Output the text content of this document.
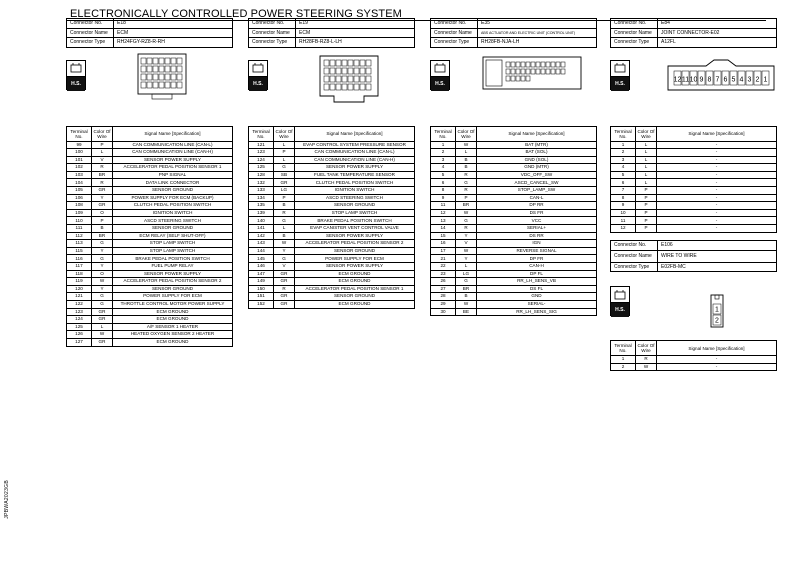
ELECTRONICALLY CONTROLLED POWER STEERING SYSTEM
Connector No.	E18
Connector Name	ECM
Connector Type	RH24FGY-RZ8-R-RH
H.S.
Terminal No.	Color Of Wire	Signal Name [Specification]
99	P	CAN COMMUNICATION LINE (CAN-L)
100	L	CAN COMMUNICATION LINE (CAN-H)
101	V	SENSOR POWER SUPPLY
102	R	ACCELERATOR PEDAL POSITION SENSOR 1
103	BR	PNP SIGNAL
104	R	DATA LINK CONNECTOR
105	GR	SENSOR GROUND
106	Y	POWER SUPPLY FOR ECM (BACKUP)
108	GR	CLUTCH PEDAL POSITION SWITCH
109	O	IGNITION SWITCH
110	P	ASCD STEERING SWITCH
111	B	SENSOR GROUND
112	BR	ECM RELAY (SELF SHUT-OFF)
113	G	STOP LAMP SWITCH
115	Y	STOP LAMP SWITCH
116	G	BRAKE PEDAL POSITION SWITCH
117	Y	FUEL PUMP RELAY
118	O	SENSOR POWER SUPPLY
119	W	ACCELERATOR PEDAL POSITION SENSOR 2
120	Y	SENSOR GROUND
121	G	POWER SUPPLY FOR ECM
122	G	THROTTLE CONTROL MOTOR POWER SUPPLY
123	GR	ECM GROUND
124	GR	ECM GROUND
125	L	A/F SENSOR 1 HEATER
126	W	HEATED OXYGEN SENSOR 2 HEATER
127	GR	ECM GROUND
Connector No.	E19
Connector Name	ECM
Connector Type	RH28FB-RZ8-L-LH
H.S.
Terminal No.	Color Of Wire	Signal Name [Specification]
121	L	EVAP CONTROL SYSTEM PRESSURE SENSOR
123	P	CAN COMMUNICATION LINE (CAN-L)
124	L	CAN COMMUNICATION LINE (CAN-H)
125	G	SENSOR POWER SUPPLY
128	SB	FUEL TANK TEMPERATURE SENSOR
132	GR	CLUTCH PEDAL POSITION SWITCH
133	LG	IGNITION SWITCH
134	P	ASCD STEERING SWITCH
135	B	SENSOR GROUND
139	R	STOP LAMP SWITCH
140	G	BRAKE PEDAL POSITION SWITCH
141	L	EVAP CANISTER VENT CONTROL VALVE
142	B	SENSOR POWER SUPPLY
143	W	ACCELERATOR PEDAL POSITION SENSOR 2
144	Y	SENSOR GROUND
145	G	POWER SUPPLY FOR ECM
146	V	SENSOR POWER SUPPLY
147	GR	ECM GROUND
149	GR	ECM GROUND
150	R	ACCELERATOR PEDAL POSITION SENSOR 1
151	GR	SENSOR GROUND
152	GR	ECM GROUND
Connector No.	E35
Connector Name	ABS ACTUATOR AND ELECTRIC UNIT (CONTROL UNIT)
Connector Type	RH28FB-NJA-LH
H.S.
Terminal No.	Color Of Wire	Signal Name [Specification]
1	W	BAT (MTR)
2	L	BAT (SOL)
3	B	GND (SOL)
4	B	GND (MTR)
5	R	VDC_OFF_SW
6	G	ASCD_CANCEL_SW
8	R	STOP_LAMP_SW
9	P	CAN-L
11	BR	DP RR
12	W	DS FR
13	G	VCC
14	R	SERIAL+
15	Y	DS RR
16	V	IGN
17	W	REVERSE SIGNAL
21	Y	DP FR
22	L	CAN-H
23	LG	DP FL
26	G	RR_LH_SENS_VB
27	BR	DS FL
28	B	GND
29	W	SERIAL-
30	BE	RR_LH_SENS_SIG
Connector No.	E84
Connector Name	JOINT CONNECTOR-E02
Connector Type	A12FL
H.S.
12 11 10 9 8 7 6 5 4 3 2 1
Terminal No.	Color Of Wire	Signal Name [Specification]
1	L	-
2	L	-
3	L	-
4	L	-
5	L	-
6	L	-
7	P	-
8	P	-
9	P	-
10	P	-
11	P	-
12	P	-
Connector No.	E106
Connector Name	WIRE TO WIRE
Connector Type	E02FB-MC
H.S.	1
2
Terminal No.	Color Of Wire	Signal Name [Specification]
1	R	-
2	W	-
JPBWA2023GB
